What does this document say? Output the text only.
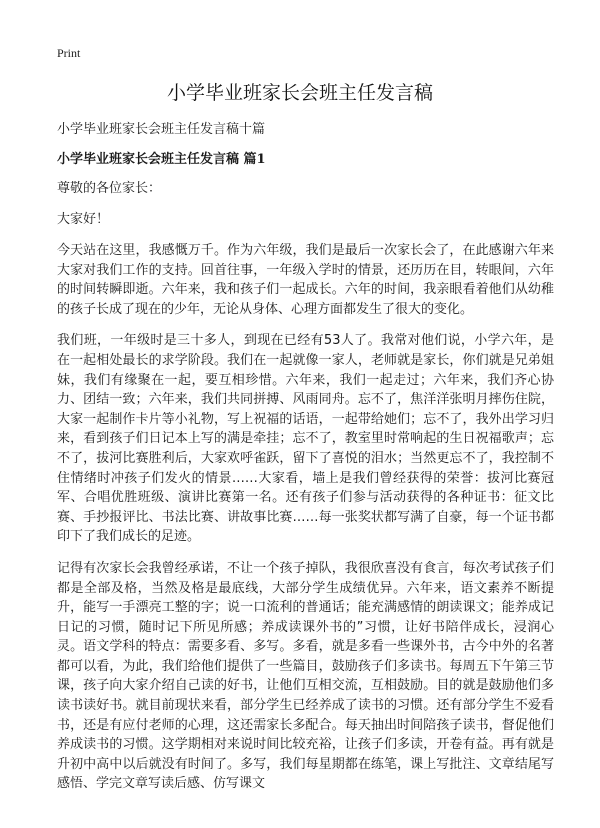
Print
小学毕业班家长会班主任发言稿

小学毕业班家长会班主任发言稿十篇

小学毕业班家长会班主任发言稿 篇1

尊敬的各位家长：

大家好！

今天站在这里，我感慨万千。作为六年级，我们是最后一次家长会了，在此感谢六年来大家对我们工作的支持。回首往事，一年级入学时的情景，还历历在目，转眼间，六年的时间转瞬即逝。六年来，我和孩子们一起成长。六年的时间，我亲眼看着他们从幼稚的孩子长成了现在的少年，无论从身体、心理方面都发生了很大的变化。

我们班，一年级时是三十多人，到现在已经有53人了。我常对他们说，小学六年，是在一起相处最长的求学阶段。我们在一起就像一家人，老师就是家长，你们就是兄弟姐妹，我们有缘聚在一起，要互相珍惜。六年来，我们一起走过；六年来，我们齐心协力、团结一致；六年来，我们共同拼搏、风雨同舟。忘不了，焦洋洋张明月摔伤住院，大家一起制作卡片等小礼物，写上祝福的话语，一起带给她们；忘不了，我外出学习归来，看到孩子们日记本上写的满是牵挂；忘不了，教室里时常响起的生日祝福歌声；忘不了，拔河比赛胜利后，大家欢呼雀跃，留下了喜悦的泪水；当然更忘不了，我控制不住情绪时冲孩子们发火的情景……大家看，墙上是我们曾经获得的荣誉：拔河比赛冠军、合唱优胜班级、演讲比赛第一名。还有孩子们参与活动获得的各种证书：征文比赛、手抄报评比、书法比赛、讲故事比赛……每一张奖状都写满了自豪，每一个证书都印下了我们成长的足迹。

记得有次家长会我曾经承诺，不让一个孩子掉队，我很欣喜没有食言，每次考试孩子们都是全部及格，当然及格是最底线，大部分学生成绩优异。六年来，语文素养不断提升，能写一手漂亮工整的字；说一口流利的普通话；能充满感情的朗读课文；能养成记日记的习惯，随时记下所见所感；养成读课外书的”习惯，让好书陪伴成长，浸润心灵。语文学科的特点：需要多看、多写。多看，就是多看一些课外书，古今中外的名著都可以看，为此，我们给他们提供了一些篇目，鼓励孩子们多读书。每周五下午第三节课，孩子向大家介绍自己读的好书，让他们互相交流，互相鼓励。目的就是鼓励他们多读书读好书。就目前现状来看，部分学生已经养成了读书的习惯。还有部分学生不爱看书，还是有应付老师的心理，这还需家长多配合。每天抽出时间陪孩子读书，督促他们养成读书的习惯。这学期相对来说时间比较充裕，让孩子们多读，开卷有益。再有就是升初中高中以后就没有时间了。多写，我们每星期都在练笔，课上写批注、文章结尾写感悟、学完文章写读后感、仿写课文
